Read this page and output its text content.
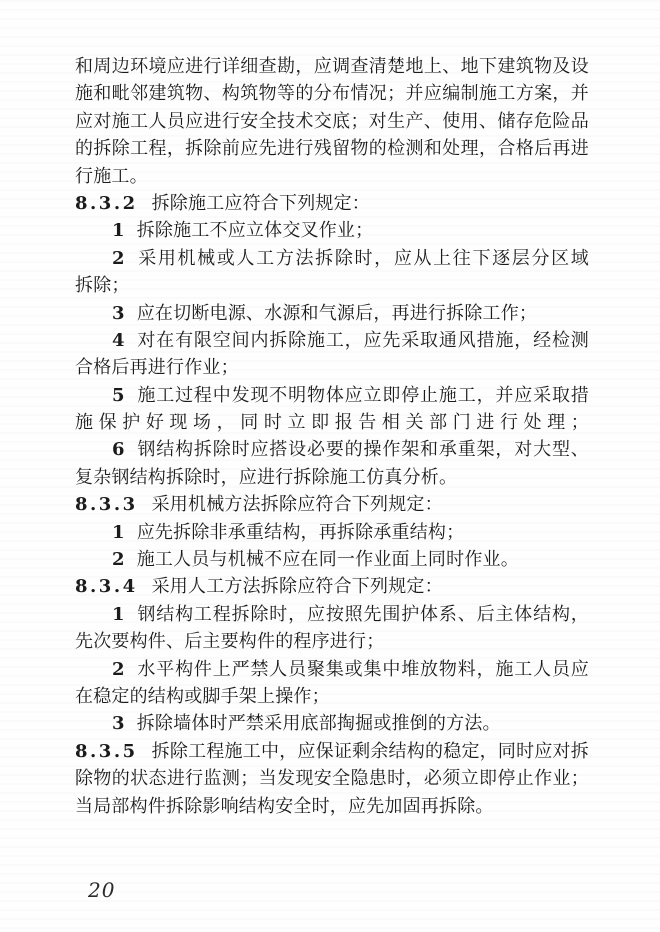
和周边环境应进行详细查勘，应调查清楚地上、地下建筑物及设
施和毗邻建筑物、构筑物等的分布情况；并应编制施工方案，并
应对施工人员应进行安全技术交底；对生产、使用、储存危险品
的拆除工程，拆除前应先进行残留物的检测和处理，合格后再进
行施工。
8.3.2 拆除施工应符合下列规定：
1 拆除施工不应立体交叉作业；
2 采用机械或人工方法拆除时，应从上往下逐层分区域
拆除；
3 应在切断电源、水源和气源后，再进行拆除工作；
4 对在有限空间内拆除施工，应先采取通风措施，经检测
合格后再进行作业；
5 施工过程中发现不明物体应立即停止施工，并应采取措
施保护好现场，同时立即报告相关部门进行处理；
6 钢结构拆除时应搭设必要的操作架和承重架，对大型、
复杂钢结构拆除时，应进行拆除施工仿真分析。
8.3.3 采用机械方法拆除应符合下列规定：
1 应先拆除非承重结构，再拆除承重结构；
2 施工人员与机械不应在同一作业面上同时作业。
8.3.4 采用人工方法拆除应符合下列规定：
1 钢结构工程拆除时，应按照先围护体系、后主体结构，
先次要构件、后主要构件的程序进行；
2 水平构件上严禁人员聚集或集中堆放物料，施工人员应
在稳定的结构或脚手架上操作；
3 拆除墙体时严禁采用底部掏掘或推倒的方法。
8.3.5 拆除工程施工中，应保证剩余结构的稳定，同时应对拆
除物的状态进行监测；当发现安全隐患时，必须立即停止作业；
当局部构件拆除影响结构安全时，应先加固再拆除。
20
